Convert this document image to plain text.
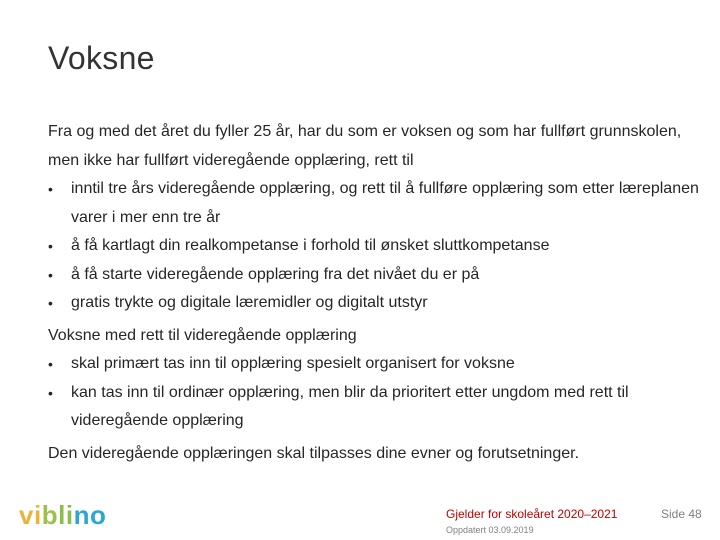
Voksne

Fra og med det året du fyller 25 år, har du som er voksen og som har fullført grunnskolen, men ikke har fullført videregående opplæring, rett til

• inntil tre års videregående opplæring, og rett til å fullføre opplæring som etter læreplanen varer i mer enn tre år
• å få kartlagt din realkompetanse i forhold til ønsket sluttkompetanse
• å få starte videregående opplæring fra det nivået du er på
• gratis trykte og digitale læremidler og digitalt utstyr

Voksne med rett til videregående opplæring

• skal primært tas inn til opplæring spesielt organisert for voksne
• kan tas inn til ordinær opplæring, men blir da prioritert etter ungdom med rett til videregående opplæring

Den videregående opplæringen skal tilpasses dine evner og forutsetninger.

viblino	Gjelder for skoleåret 2020–2021
Oppdatert 03.09.2019
Side 48
